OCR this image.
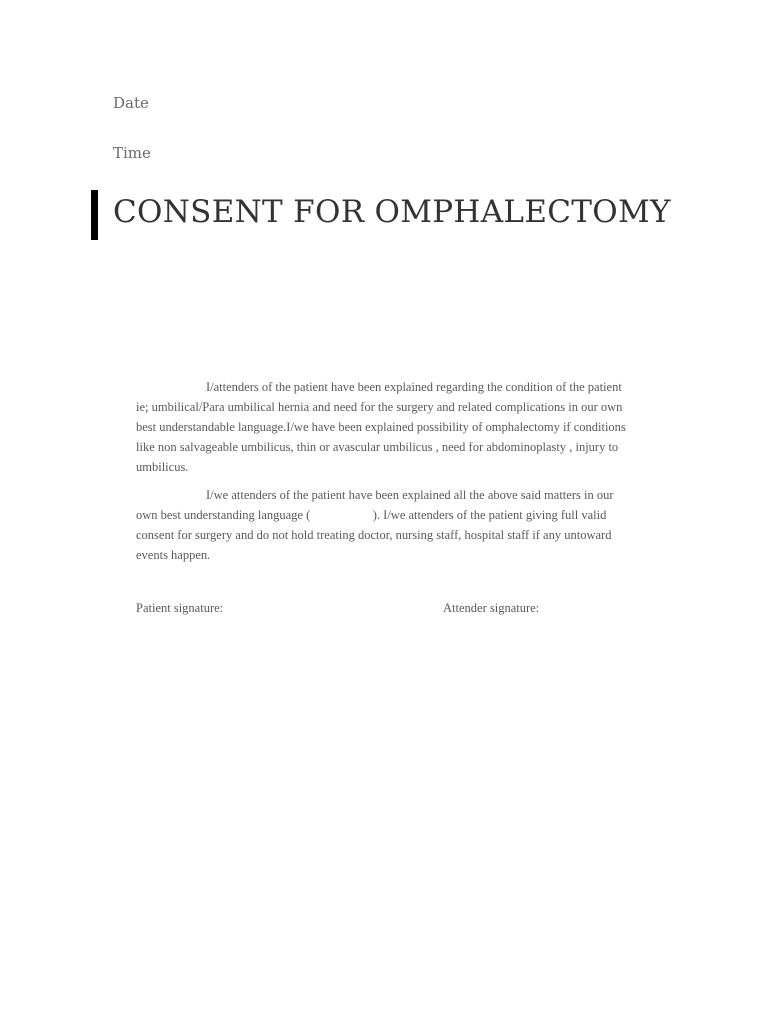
Date
Time
CONSENT FOR OMPHALECTOMY

I/attenders of the patient have been explained regarding the condition of the patient ie; umbilical/Para umbilical hernia and need for the surgery and related complications in our own best understandable language.I/we have been explained possibility of omphalectomy if conditions like non salvageable umbilicus, thin or avascular umbilicus , need for abdominoplasty , injury to umbilicus.

I/we attenders of the patient have been explained all the above said matters in our own best understanding language (                    ). I/we attenders of the patient giving full valid consent for surgery and do not hold treating doctor, nursing staff, hospital staff if any untoward events happen.

Patient signature:	Attender signature:
